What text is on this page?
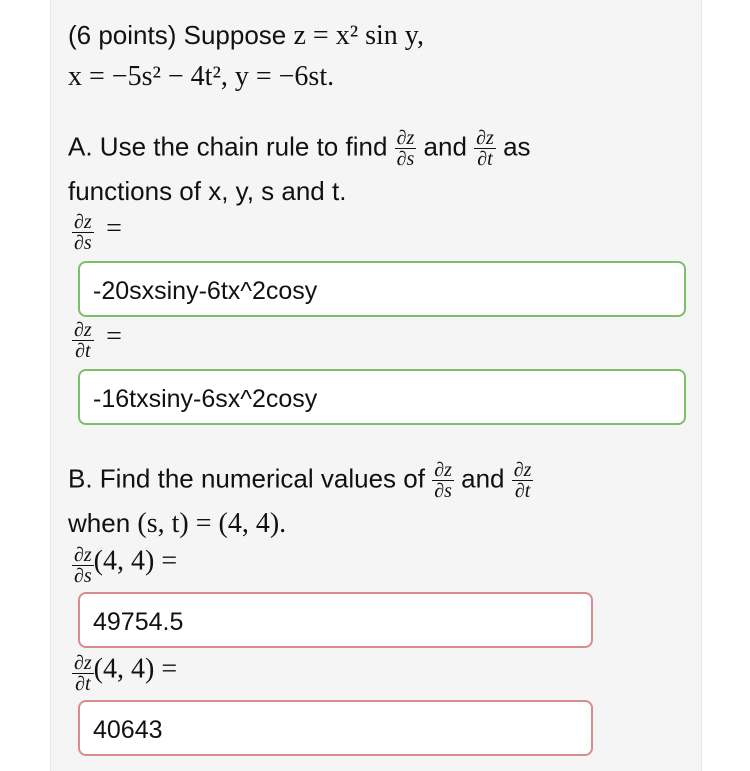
(6 points) Suppose z = x² sin y,
x = −5s² − 4t², y = −6st.
A. Use the chain rule to find $\frac{\partial z}{\partial s}$ and $\frac{\partial z}{\partial t}$ as
functions of x, y, s and t.
$\frac{\partial z}{\partial s}$ =
-20sxsiny-6tx^2cosy
$\frac{\partial z}{\partial t}$ =
-16txsiny-6sx^2cosy
B. Find the numerical values of $\frac{\partial z}{\partial s}$ and $\frac{\partial z}{\partial t}$
when (s, t) = (4, 4).
$\frac{\partial z}{\partial s} (4$, 4) =
49754.5
$\frac{\partial z}{\partial t} (4$, 4) =
40643
